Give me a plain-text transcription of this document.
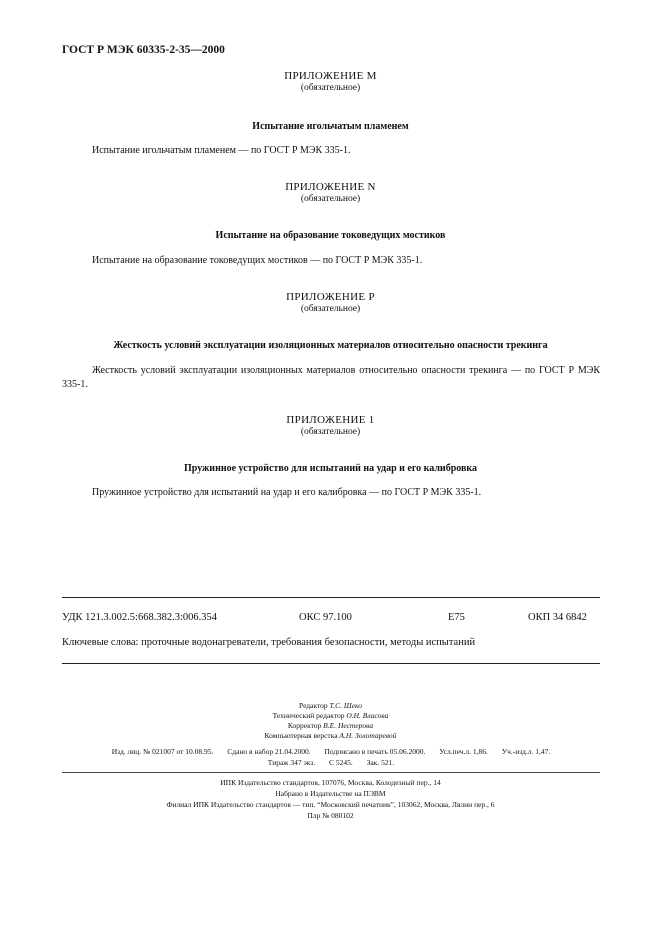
ГОСТ Р МЭК 60335-2-35—2000
ПРИЛОЖЕНИЕ М
(обязательное)
Испытание игольчатым пламенем
Испытание игольчатым пламенем — по ГОСТ Р МЭК 335-1.
ПРИЛОЖЕНИЕ N
(обязательное)
Испытание на образование токоведущих мостиков
Испытание на образование токоведущих мостиков — по ГОСТ Р МЭК 335-1.
ПРИЛОЖЕНИЕ Р
(обязательное)
Жесткость условий эксплуатации изоляционных материалов относительно опасности трекинга
Жесткость условий эксплуатации изоляционных материалов относительно опасности трекинга — по ГОСТ Р МЭК 335-1.
ПРИЛОЖЕНИЕ 1
(обязательное)
Пружинное устройство для испытаний на удар и его калибровка
Пружинное устройство для испытаний на удар и его калибровка — по ГОСТ Р МЭК 335-1.
УДК 121.3.002.5:668.382.3:006.354	ОКС 97.100	Е75	ОКП 34 6842
Ключевые слова: проточные водонагреватели, требования безопасности, методы испытаний
Редактор Т.С. Шеко
Технический редактор О.Н. Власова
Корректор В.Е. Нестерова
Компьютерная верстка А.Н. Золотаревой
Изд. лиц. № 021007 от 10.08.95. Сдано в набор 21.04.2000. Подписано в печать 05.06.2000. Усл.печ.л. 1,86. Уч.-изд.л. 1,47.
Тираж 347 экз. С 5245. Зак. 521.
ИПК Издательство стандартов, 107076, Москва, Колодезный пер., 14
Набрано в Издательстве на ПЭВМ
Филиал ИПК Издательство стандартов — тип. “Московский печатник”, 103062, Москва, Лялин пер., 6
Плр № 080102
